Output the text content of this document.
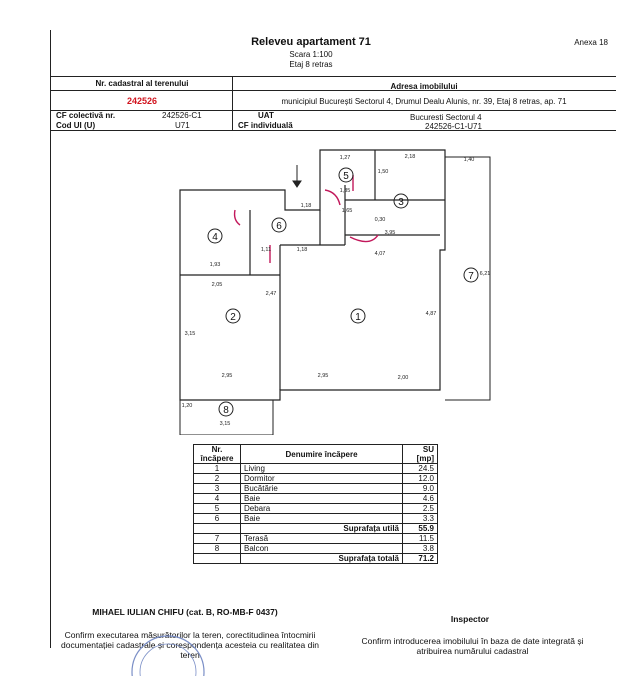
Releveu apartament 71
Scara 1:100
Etaj 8 retras
Anexa 18
Nr. cadastral al terenului
242526
Adresa imobilului
municipiul București Sectorul 4, Drumul Dealu Alunis, nr. 39, Etaj 8 retras, ap. 71
CF colectivă nr.	242526-C1	UAT	Bucuresti Sectorul 4
Cod UI (U)	U71	CF individuală	242526-C1-U71
1
2
3
4
5
6
7
8
1,27	2,18	1,40
1,35
1,50
1,65
0,30
3,95
4,07
2,05
1,93
2,95	2,95	2,00
1,18
1,11	1,18
2,47
3,15
4,87
6,21
1,20
3,15
Nr. încăpere	Denumire încăpere	SU [mp]
1	Living	24.5
2	Dormitor	12.0
3	Bucătărie	9.0
4	Baie	4.6
5	Debara	2.5
6	Baie	3.3
	Suprafața utilă	55.9
7	Terasă	11.5
8	Balcon	3.8
	Suprafața totală	71.2
MIHAEL IULIAN CHIFU (cat. B, RO-MB-F 0437)
Confirm executarea măsurătorilor la teren, corectitudinea întocmirii documentației cadastrale și corespondența acesteia cu realitatea din teren
Inspector
Confirm introducerea imobilului în baza de date integrată și atribuirea numărului cadastral
